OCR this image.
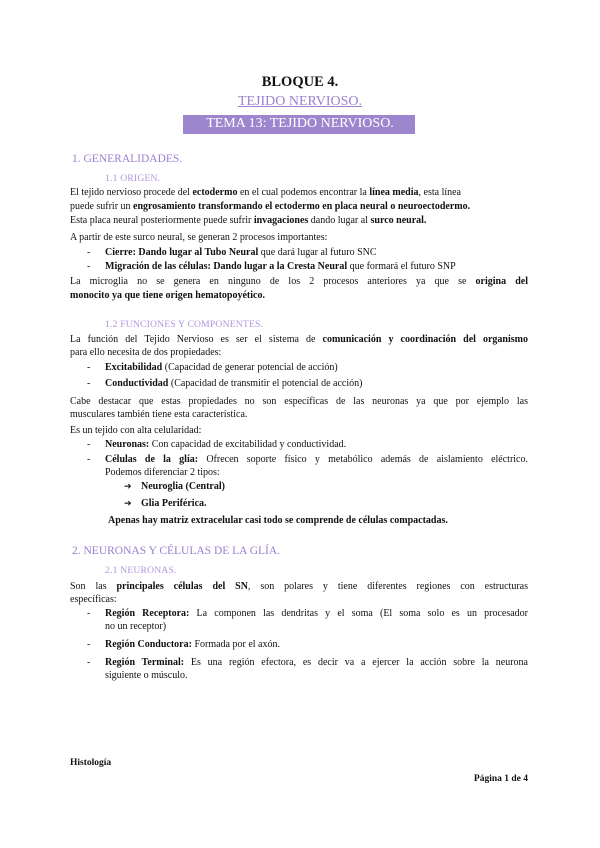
BLOQUE 4.
TEJIDO NERVIOSO.
TEMA 13: TEJIDO NERVIOSO.
1. GENERALIDADES.
1.1 ORIGEN.
El tejido nervioso procede del ectodermo en el cual podemos encontrar la línea media, esta línea
puede sufrir un engrosamiento transformando el ectodermo en placa neural o neuroectodermo.
Esta placa neural posteriormente puede sufrir invagaciones dando lugar al surco neural.
A partir de este surco neural, se generan 2 procesos importantes:
- Cierre: Dando lugar al Tubo Neural que dará lugar al futuro SNC
- Migración de las células: Dando lugar a la Cresta Neural que formará el futuro SNP
La microglia no se genera en ninguno de los 2 procesos anteriores ya que se origina del
monocito ya que tiene origen hematopoyético.
1.2 FUNCIONES Y COMPONENTES.
La función del Tejido Nervioso es ser el sistema de comunicación y coordinación del organismo
para ello necesita de dos propiedades:
- Excitabilidad (Capacidad de generar potencial de acción)
- Conductividad (Capacidad de transmitir el potencial de acción)
Cabe destacar que estas propiedades no son específicas de las neuronas ya que por ejemplo las
musculares también tiene esta característica.
Es un tejido con alta celularidad:
- Neuronas: Con capacidad de excitabilidad y conductividad.
- Células de la glía: Ofrecen soporte físico y metabólico además de aislamiento eléctrico.
Podemos diferenciar 2 tipos:
➔ Neuroglia (Central)
➔ Glia Periférica.
Apenas hay matriz extracelular casi todo se comprende de células compactadas.
2. NEURONAS Y CÉLULAS DE LA GLÍA.
2.1 NEURONAS.
Son las principales células del SN, son polares y tiene diferentes regiones con estructuras
específicas:
- Región Receptora: La componen las dendritas y el soma (El soma solo es un procesador
no un receptor)
- Región Conductora: Formada por el axón.
- Región Terminal: Es una región efectora, es decir va a ejercer la acción sobre la neurona
siguiente o músculo.
Histología
Página 1 de 4
